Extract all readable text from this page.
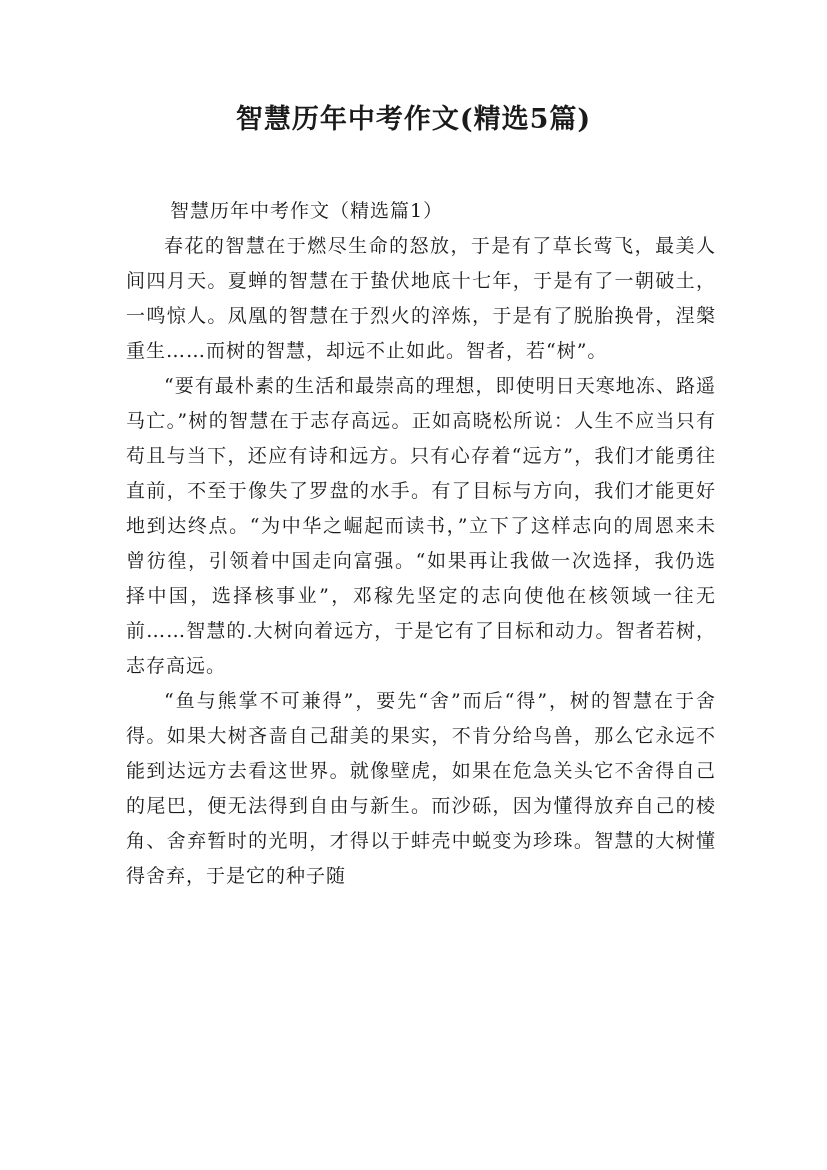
智慧历年中考作文(精选5篇)

智慧历年中考作文（精选篇1）

春花的智慧在于燃尽生命的怒放，于是有了草长莺飞，最美人间四月天。夏蝉的智慧在于蛰伏地底十七年，于是有了一朝破土，一鸣惊人。凤凰的智慧在于烈火的淬炼，于是有了脱胎换骨，涅槃重生……而树的智慧，却远不止如此。智者，若“树”。

“要有最朴素的生活和最崇高的理想，即使明日天寒地冻、路遥马亡。”树的智慧在于志存高远。正如高晓松所说：人生不应当只有苟且与当下，还应有诗和远方。只有心存着“远方”，我们才能勇往直前，不至于像失了罗盘的水手。有了目标与方向，我们才能更好地到达终点。“为中华之崛起而读书，”立下了这样志向的周恩来未曾彷徨，引领着中国走向富强。“如果再让我做一次选择，我仍选择中国，选择核事业”，邓稼先坚定的志向使他在核领域一往无前……智慧的.大树向着远方，于是它有了目标和动力。智者若树，志存高远。

“鱼与熊掌不可兼得”，要先“舍”而后“得”，树的智慧在于舍得。如果大树吝啬自己甜美的果实，不肯分给鸟兽，那么它永远不能到达远方去看这世界。就像壁虎，如果在危急关头它不舍得自己的尾巴，便无法得到自由与新生。而沙砾，因为懂得放弃自己的棱角、舍弃暂时的光明，才得以于蚌壳中蜕变为珍珠。智慧的大树懂得舍弃，于是它的种子随
